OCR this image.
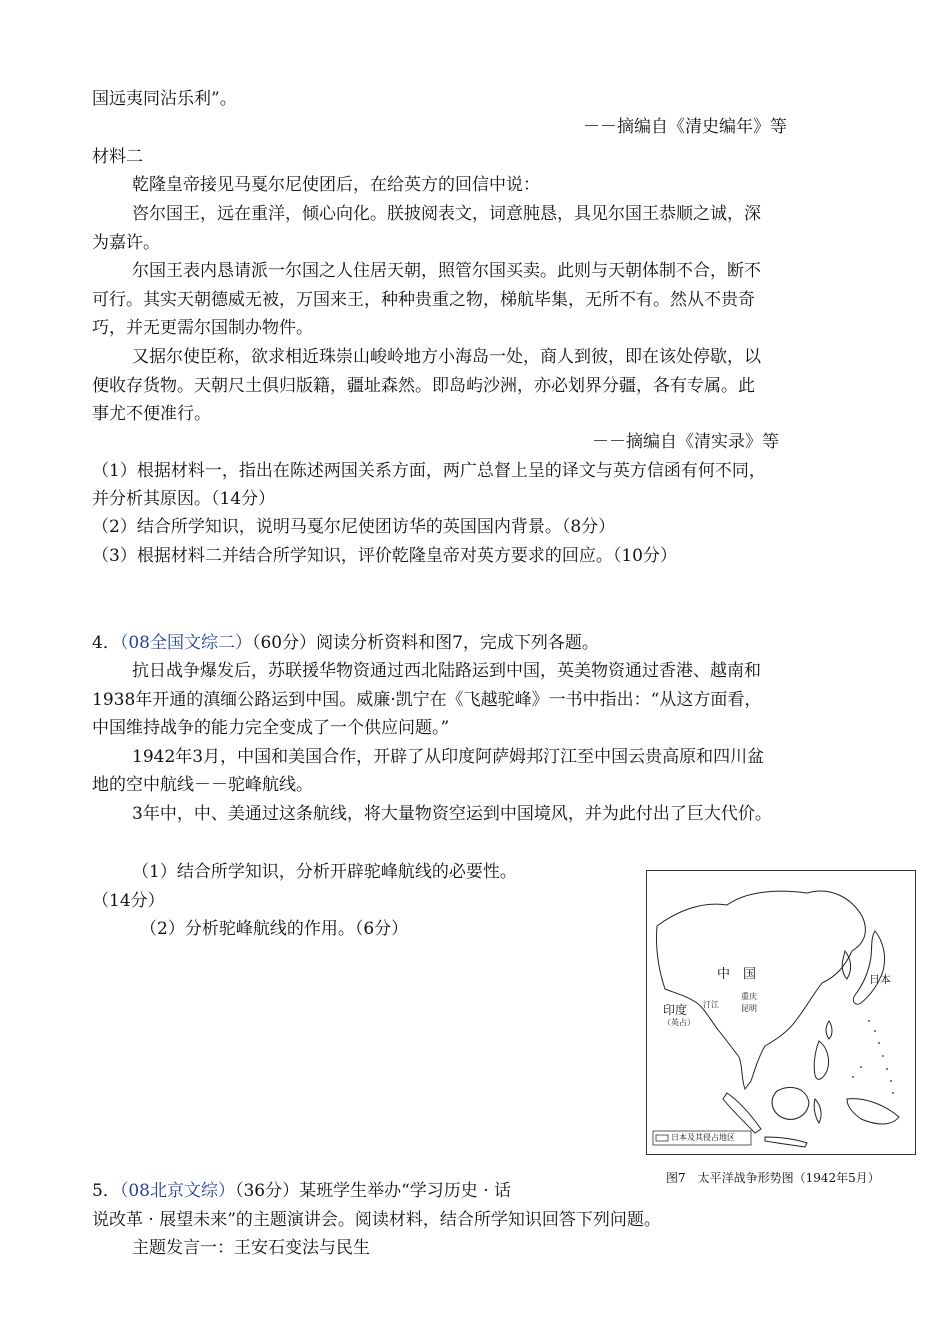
国远夷同沾乐利”。
－－摘编自《清史编年》等
材料二
乾隆皇帝接见马戛尔尼使团后，在给英方的回信中说：
咨尔国王，远在重洋，倾心向化。朕披阅表文，词意肫恳，具见尔国王恭顺之诚，深
为嘉许。
尔国王表内恳请派一尔国之人住居天朝，照管尔国买卖。此则与天朝体制不合，断不
可行。其实天朝德威无被，万国来王，种种贵重之物，梯航毕集，无所不有。然从不贵奇
巧，并无更需尔国制办物件。
又据尔使臣称，欲求相近珠崇山峻岭地方小海岛一处，商人到彼，即在该处停歇，以
便收存货物。天朝尺土俱归版籍，疆址森然。即岛屿沙洲，亦必划界分疆，各有专属。此
事尤不便准行。
－－摘编自《清实录》等
（1）根据材料一，指出在陈述两国关系方面，两广总督上呈的译文与英方信函有何不同，
并分析其原因。（14分）
（2）结合所学知识，说明马戛尔尼使团访华的英国国内背景。（8分）
（3）根据材料二并结合所学知识，评价乾隆皇帝对英方要求的回应。（10分）
4．（08全国文综二）（60分）阅读分析资料和图7，完成下列各题。
抗日战争爆发后，苏联援华物资通过西北陆路运到中国，英美物资通过香港、越南和
1938年开通的滇缅公路运到中国。威廉·凯宁在《飞越驼峰》一书中指出：“从这方面看，
中国维持战争的能力完全变成了一个供应问题。”
1942年3月，中国和美国合作，开辟了从印度阿萨姆邦汀江至中国云贵高原和四川盆
地的空中航线－－驼峰航线。
3年中，中、美通过这条航线，将大量物资空运到中国境风，并为此付出了巨大代价。
（1）结合所学知识，分析开辟驼峰航线的必要性。
（14分）
（2）分析驼峰航线的作用。（6分）
中　国	日本
印度
（英占）
汀江
重庆
昆明
日本及其侵占地区
图7　太平洋战争形势图（1942年5月）
5．（08北京文综）（36分）某班学生举办“学习历史 · 话
说改革 · 展望未来”的主题演讲会。阅读材料，结合所学知识回答下列问题。
主题发言一：王安石变法与民生
